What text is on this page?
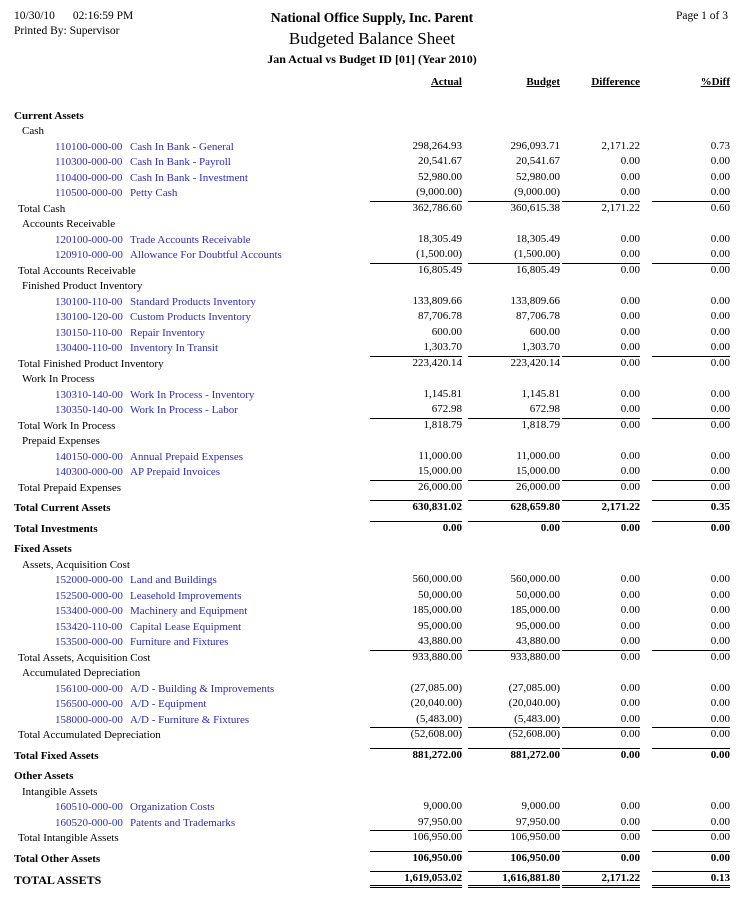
10/30/10 02:16:59 PM
Printed By: Supervisor
Page 1 of 3
National Office Supply, Inc. Parent
Budgeted Balance Sheet
Jan Actual vs Budget ID [01] (Year 2010)
	Actual	Budget	Difference	%Diff
Current Assets				
Cash				
110100-000-00 Cash In Bank - General	298,264.93	296,093.71	2,171.22	0.73
110300-000-00 Cash In Bank - Payroll	20,541.67	20,541.67	0.00	0.00
110400-000-00 Cash In Bank - Investment	52,980.00	52,980.00	0.00	0.00
110500-000-00 Petty Cash	(9,000.00)	(9,000.00)	0.00	0.00
Total Cash	362,786.60	360,615.38	2,171.22	0.60
Accounts Receivable				
120100-000-00 Trade Accounts Receivable	18,305.49	18,305.49	0.00	0.00
120910-000-00 Allowance For Doubtful Accounts	(1,500.00)	(1,500.00)	0.00	0.00
Total Accounts Receivable	16,805.49	16,805.49	0.00	0.00
Finished Product Inventory				
130100-110-00 Standard Products Inventory	133,809.66	133,809.66	0.00	0.00
130100-120-00 Custom Products Inventory	87,706.78	87,706.78	0.00	0.00
130150-110-00 Repair Inventory	600.00	600.00	0.00	0.00
130400-110-00 Inventory In Transit	1,303.70	1,303.70	0.00	0.00
Total Finished Product Inventory	223,420.14	223,420.14	0.00	0.00
Work In Process				
130310-140-00 Work In Process - Inventory	1,145.81	1,145.81	0.00	0.00
130350-140-00 Work In Process - Labor	672.98	672.98	0.00	0.00
Total Work In Process	1,818.79	1,818.79	0.00	0.00
Prepaid Expenses				
140150-000-00 Annual Prepaid Expenses	11,000.00	11,000.00	0.00	0.00
140300-000-00 AP Prepaid Invoices	15,000.00	15,000.00	0.00	0.00
Total Prepaid Expenses	26,000.00	26,000.00	0.00	0.00
Total Current Assets	630,831.02	628,659.80	2,171.22	0.35
Total Investments	0.00	0.00	0.00	0.00
Fixed Assets				
Assets, Acquisition Cost				
152000-000-00 Land and Buildings	560,000.00	560,000.00	0.00	0.00
152500-000-00 Leasehold Improvements	50,000.00	50,000.00	0.00	0.00
153400-000-00 Machinery and Equipment	185,000.00	185,000.00	0.00	0.00
153420-110-00 Capital Lease Equipment	95,000.00	95,000.00	0.00	0.00
153500-000-00 Furniture and Fixtures	43,880.00	43,880.00	0.00	0.00
Total Assets, Acquisition Cost	933,880.00	933,880.00	0.00	0.00
Accumulated Depreciation				
156100-000-00 A/D - Building & Improvements	(27,085.00)	(27,085.00)	0.00	0.00
156500-000-00 A/D - Equipment	(20,040.00)	(20,040.00)	0.00	0.00
158000-000-00 A/D - Furniture & Fixtures	(5,483.00)	(5,483.00)	0.00	0.00
Total Accumulated Depreciation	(52,608.00)	(52,608.00)	0.00	0.00
Total Fixed Assets	881,272.00	881,272.00	0.00	0.00
Other Assets				
Intangible Assets				
160510-000-00 Organization Costs	9,000.00	9,000.00	0.00	0.00
160520-000-00 Patents and Trademarks	97,950.00	97,950.00	0.00	0.00
Total Intangible Assets	106,950.00	106,950.00	0.00	0.00
Total Other Assets	106,950.00	106,950.00	0.00	0.00
TOTAL ASSETS	1,619,053.02	1,616,881.80	2,171.22	0.13
